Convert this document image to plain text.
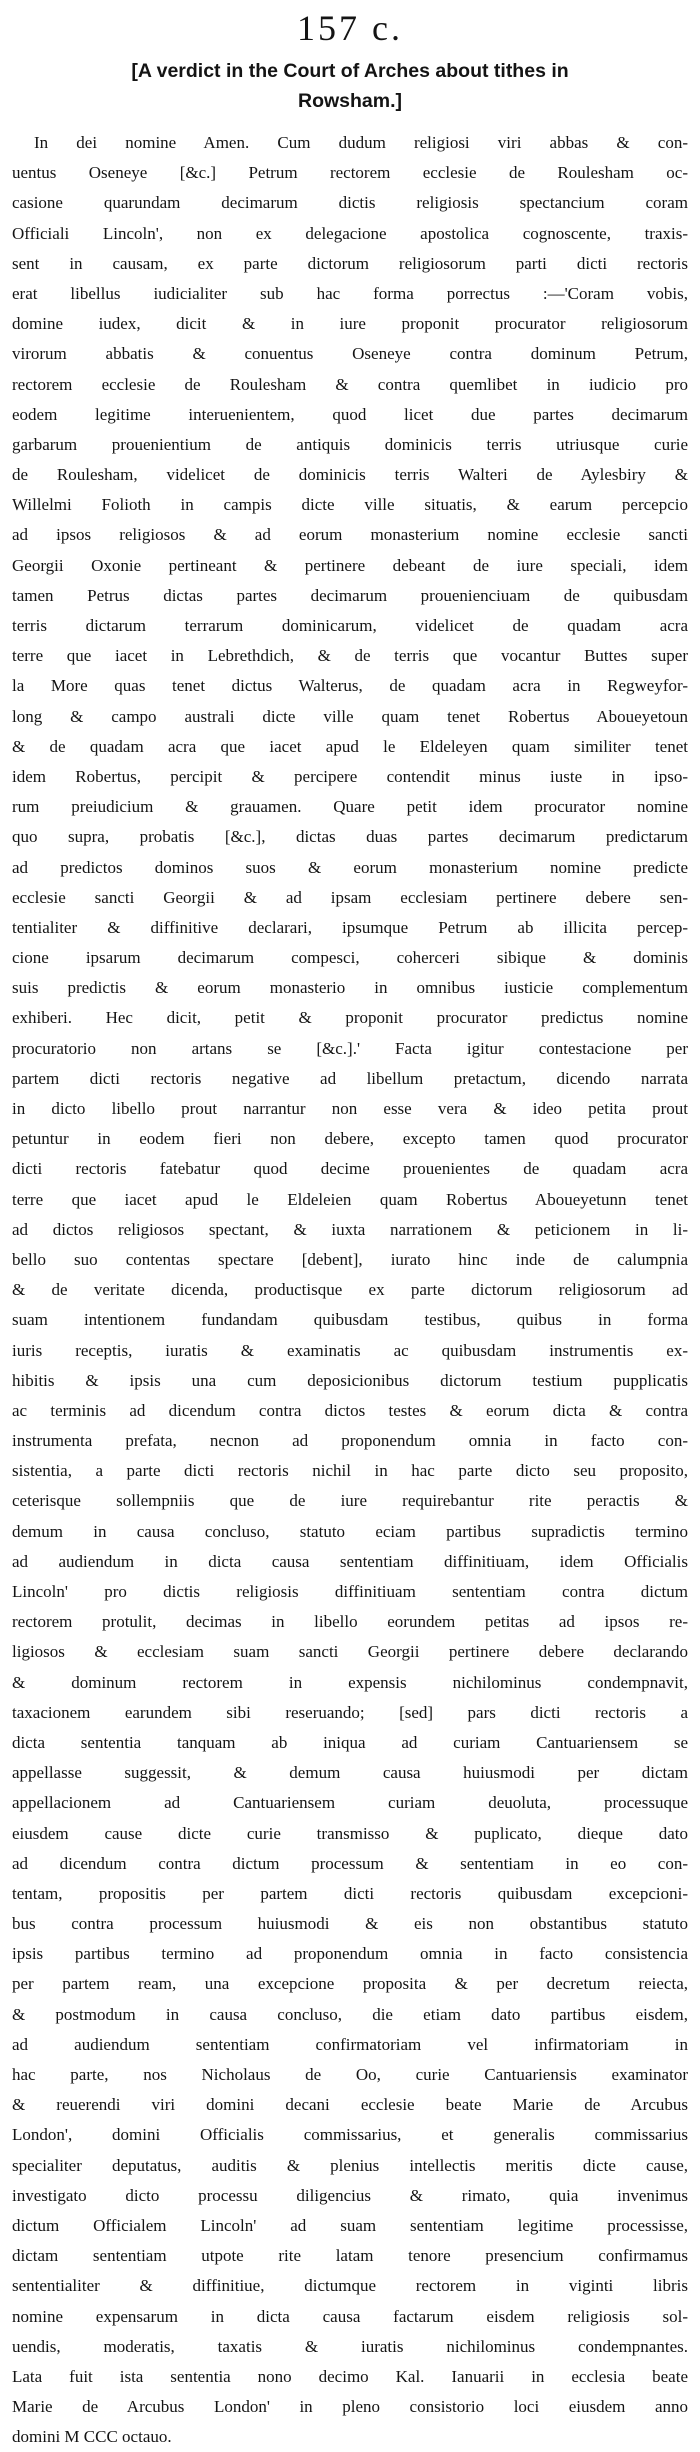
157 c.
[A verdict in the Court of Arches about tithes in
Rowsham.]
In dei nomine Amen. Cum dudum religiosi viri abbas & con-
uentus Oseneye [&c.] Petrum rectorem ecclesie de Roulesham oc-
casione quarundam decimarum dictis religiosis spectancium coram
Officiali Lincoln', non ex delegacione apostolica cognoscente, traxis-
sent in causam, ex parte dictorum religiosorum parti dicti rectoris
erat libellus iudicialiter sub hac forma porrectus :—'Coram vobis,
domine iudex, dicit & in iure proponit procurator religiosorum
virorum abbatis & conuentus Oseneye contra dominum Petrum,
rectorem ecclesie de Roulesham & contra quemlibet in iudicio pro
eodem legitime interuenientem, quod licet due partes decimarum
garbarum prouenientium de antiquis dominicis terris utriusque curie
de Roulesham, videlicet de dominicis terris Walteri de Aylesbiry &
Willelmi Folioth in campis dicte ville situatis, & earum percepcio
ad ipsos religiosos & ad eorum monasterium nomine ecclesie sancti
Georgii Oxonie pertineant & pertinere debeant de iure speciali, idem
tamen Petrus dictas partes decimarum prouenienciuam de quibusdam
terris dictarum terrarum dominicarum, videlicet de quadam acra
terre que iacet in Lebrethdich, & de terris que vocantur Buttes super
la More quas tenet dictus Walterus, de quadam acra in Regweyfor-
long & campo australi dicte ville quam tenet Robertus Aboueyetoun
& de quadam acra que iacet apud le Eldeleyen quam similiter tenet
idem Robertus, percipit & percipere contendit minus iuste in ipso-
rum preiudicium & grauamen. Quare petit idem procurator nomine
quo supra, probatis [&c.], dictas duas partes decimarum predictarum
ad predictos dominos suos & eorum monasterium nomine predicte
ecclesie sancti Georgii & ad ipsam ecclesiam pertinere debere sen-
tentialiter & diffinitive declarari, ipsumque Petrum ab illicita percep-
cione ipsarum decimarum compesci, coherceri sibique & dominis
suis predictis & eorum monasterio in omnibus iusticie complementum
exhiberi. Hec dicit, petit & proponit procurator predictus nomine
procuratorio non artans se [&c.].' Facta igitur contestacione per
partem dicti rectoris negative ad libellum pretactum, dicendo narrata
in dicto libello prout narrantur non esse vera & ideo petita prout
petuntur in eodem fieri non debere, excepto tamen quod procurator
dicti rectoris fatebatur quod decime prouenientes de quadam acra
terre que iacet apud le Eldeleien quam Robertus Aboueyetunn tenet
ad dictos religiosos spectant, & iuxta narrationem & peticionem in li-
bello suo contentas spectare [debent], iurato hinc inde de calumpnia
& de veritate dicenda, productisque ex parte dictorum religiosorum ad
suam intentionem fundandam quibusdam testibus, quibus in forma
iuris receptis, iuratis & examinatis ac quibusdam instrumentis ex-
hibitis & ipsis una cum deposicionibus dictorum testium pupplicatis
ac terminis ad dicendum contra dictos testes & eorum dicta & contra
instrumenta prefata, necnon ad proponendum omnia in facto con-
sistentia, a parte dicti rectoris nichil in hac parte dicto seu proposito,
ceterisque sollempniis que de iure requirebantur rite peractis &
demum in causa concluso, statuto eciam partibus supradictis termino
ad audiendum in dicta causa sententiam diffinitiuam, idem Officialis
Lincoln' pro dictis religiosis diffinitiuam sententiam contra dictum
rectorem protulit, decimas in libello eorundem petitas ad ipsos re-
ligiosos & ecclesiam suam sancti Georgii pertinere debere declarando
& dominum rectorem in expensis nichilominus condempnavit,
taxacionem earundem sibi reseruando; [sed] pars dicti rectoris a
dicta sententia tanquam ab iniqua ad curiam Cantuariensem se
appellasse suggessit, & demum causa huiusmodi per dictam
appellacionem ad Cantuariensem curiam deuoluta, processuque
eiusdem cause dicte curie transmisso & puplicato, dieque dato
ad dicendum contra dictum processum & sententiam in eo con-
tentam, propositis per partem dicti rectoris quibusdam excepcioni-
bus contra processum huiusmodi & eis non obstantibus statuto
ipsis partibus termino ad proponendum omnia in facto consistencia
per partem ream, una excepcione proposita & per decretum reiecta,
& postmodum in causa concluso, die etiam dato partibus eisdem,
ad audiendum sententiam confirmatoriam vel infirmatoriam in
hac parte, nos Nicholaus de Oo, curie Cantuariensis examinator
& reuerendi viri domini decani ecclesie beate Marie de Arcubus
London', domini Officialis commissarius, et generalis commissarius
specialiter deputatus, auditis & plenius intellectis meritis dicte cause,
investigato dicto processu diligencius & rimato, quia invenimus
dictum Officialem Lincoln' ad suam sententiam legitime processisse,
dictam sententiam utpote rite latam tenore presencium confirmamus
sententialiter & diffinitiue, dictumque rectorem in viginti libris
nomine expensarum in dicta causa factarum eisdem religiosis sol-
uendis, moderatis, taxatis & iuratis nichilominus condempnantes.
Lata fuit ista sententia nono decimo Kal. Ianuarii in ecclesia beate
Marie de Arcubus London' in pleno consistorio loci eiusdem anno
domini M CCC octauo.
